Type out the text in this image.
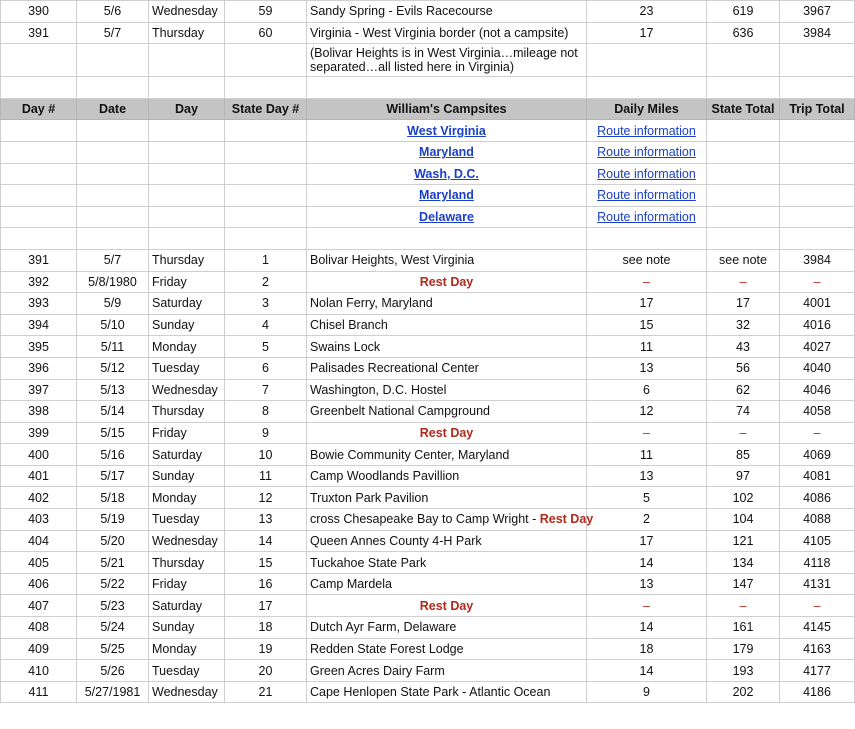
390	5/6	Wednesday	59	Sandy Spring - Evils Racecourse	23	619	3967
391	5/7	Thursday	60	Virginia - West Virginia border (not a campsite)	17	636	3984
				(Bolivar Heights is in West Virginia…mileage not separated…all listed here in Virginia)			

Day #	Date	Day	State Day #	William's Campsites	Daily Miles	State Total	Trip Total
				West Virginia	Route information		
				Maryland	Route information		
				Wash, D.C.	Route information		
				Maryland	Route information		
				Delaware	Route information		

391	5/7	Thursday	1	Bolivar Heights, West Virginia	see note	see note	3984
392	5/8/1980	Friday	2	Rest Day	–	–	–
393	5/9	Saturday	3	Nolan Ferry, Maryland	17	17	4001
394	5/10	Sunday	4	Chisel Branch	15	32	4016
395	5/11	Monday	5	Swains Lock	11	43	4027
396	5/12	Tuesday	6	Palisades Recreational Center	13	56	4040
397	5/13	Wednesday	7	Washington, D.C. Hostel	6	62	4046
398	5/14	Thursday	8	Greenbelt National Campground	12	74	4058
399	5/15	Friday	9	Rest Day	–	–	–
400	5/16	Saturday	10	Bowie Community Center, Maryland	11	85	4069
401	5/17	Sunday	11	Camp Woodlands Pavillion	13	97	4081
402	5/18	Monday	12	Truxton Park Pavilion	5	102	4086
403	5/19	Tuesday	13	cross Chesapeake Bay to Camp Wright - Rest Day	2	104	4088
404	5/20	Wednesday	14	Queen Annes County 4-H Park	17	121	4105
405	5/21	Thursday	15	Tuckahoe State Park	14	134	4118
406	5/22	Friday	16	Camp Mardela	13	147	4131
407	5/23	Saturday	17	Rest Day	–	–	–
408	5/24	Sunday	18	Dutch Ayr Farm, Delaware	14	161	4145
409	5/25	Monday	19	Redden State Forest Lodge	18	179	4163
410	5/26	Tuesday	20	Green Acres Dairy Farm	14	193	4177
411	5/27/1981	Wednesday	21	Cape Henlopen State Park - Atlantic Ocean	9	202	4186
